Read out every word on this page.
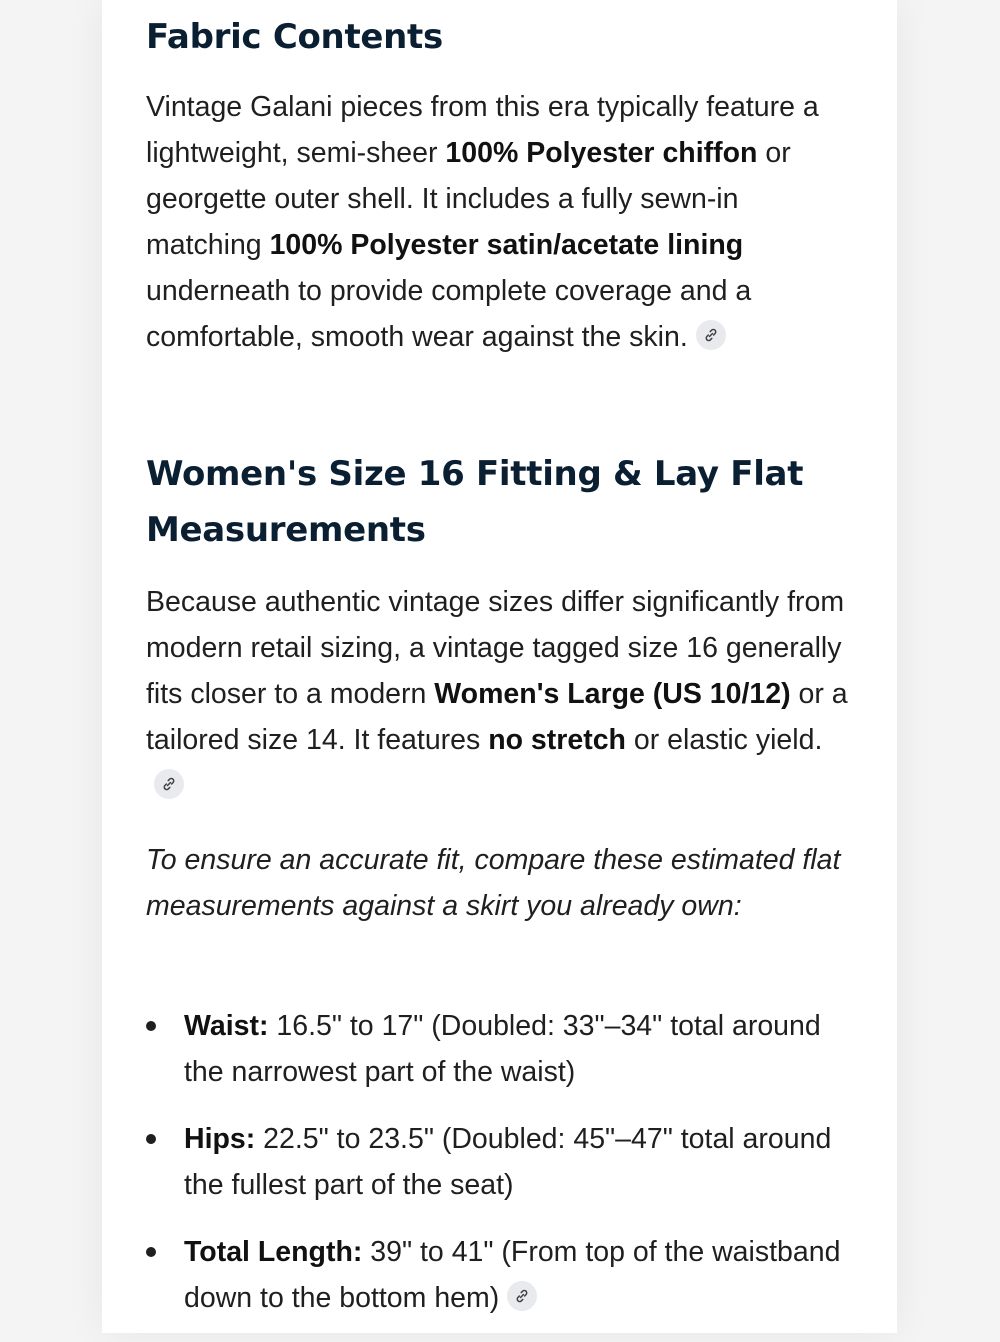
Fabric Contents

Vintage Galani pieces from this era typically feature a lightweight, semi-sheer 100% Polyester chiffon or georgette outer shell. It includes a fully sewn-in matching 100% Polyester satin/acetate lining underneath to provide complete coverage and a comfortable, smooth wear against the skin.

Women's Size 16 Fitting & Lay Flat Measurements

Because authentic vintage sizes differ significantly from modern retail sizing, a vintage tagged size 16 generally fits closer to a modern Women's Large (US 10/12) or a tailored size 14. It features no stretch or elastic yield.

To ensure an accurate fit, compare these estimated flat measurements against a skirt you already own:

Waist: 16.5" to 17" (Doubled: 33"–34" total around the narrowest part of the waist)
Hips: 22.5" to 23.5" (Doubled: 45"–47" total around the fullest part of the seat)
Total Length: 39" to 41" (From top of the waistband down to the bottom hem)
